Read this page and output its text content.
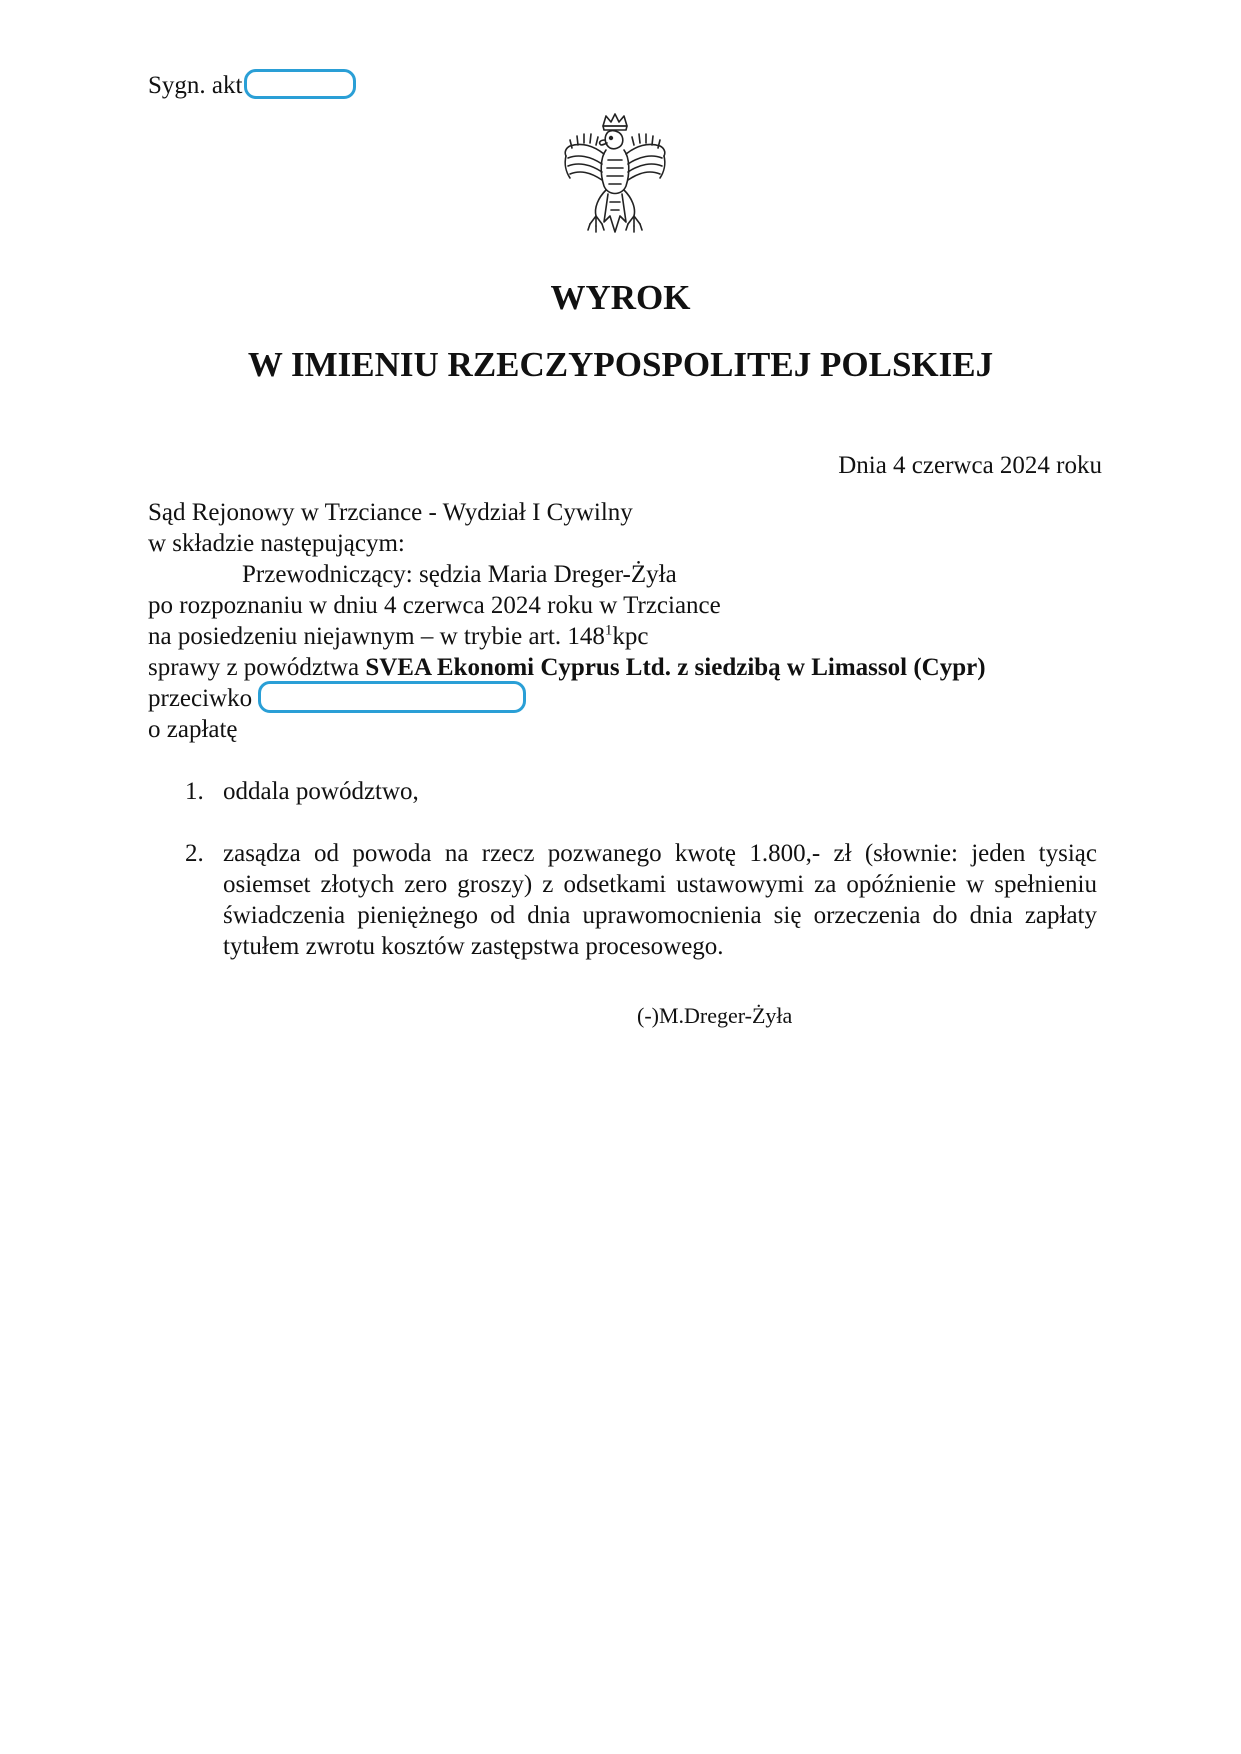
Sygn. akt
WYROK
W IMIENIU RZECZYPOSPOLITEJ POLSKIEJ
Dnia 4 czerwca 2024 roku
Sąd Rejonowy w Trzciance - Wydział I Cywilny
w składzie następującym:
Przewodniczący: sędzia Maria Dreger-Żyła
po rozpoznaniu w dniu 4 czerwca 2024 roku w Trzciance
na posiedzeniu niejawnym – w trybie art. $148^1kpc$
sprawy z powództwa SVEA Ekonomi Cyprus Ltd. z siedzibą w Limassol (Cypr)
przeciwko
o zapłatę
1. oddala powództwo,
2. zasądza od powoda na rzecz pozwanego kwotę 1.800,- zł (słownie: jeden tysiąc osiemset złotych zero groszy) z odsetkami ustawowymi za opóźnienie w spełnieniu świadczenia pieniężnego od dnia uprawomocnienia się orzeczenia do dnia zapłaty tytułem zwrotu kosztów zastępstwa procesowego.
(-)M.Dreger-Żyła
